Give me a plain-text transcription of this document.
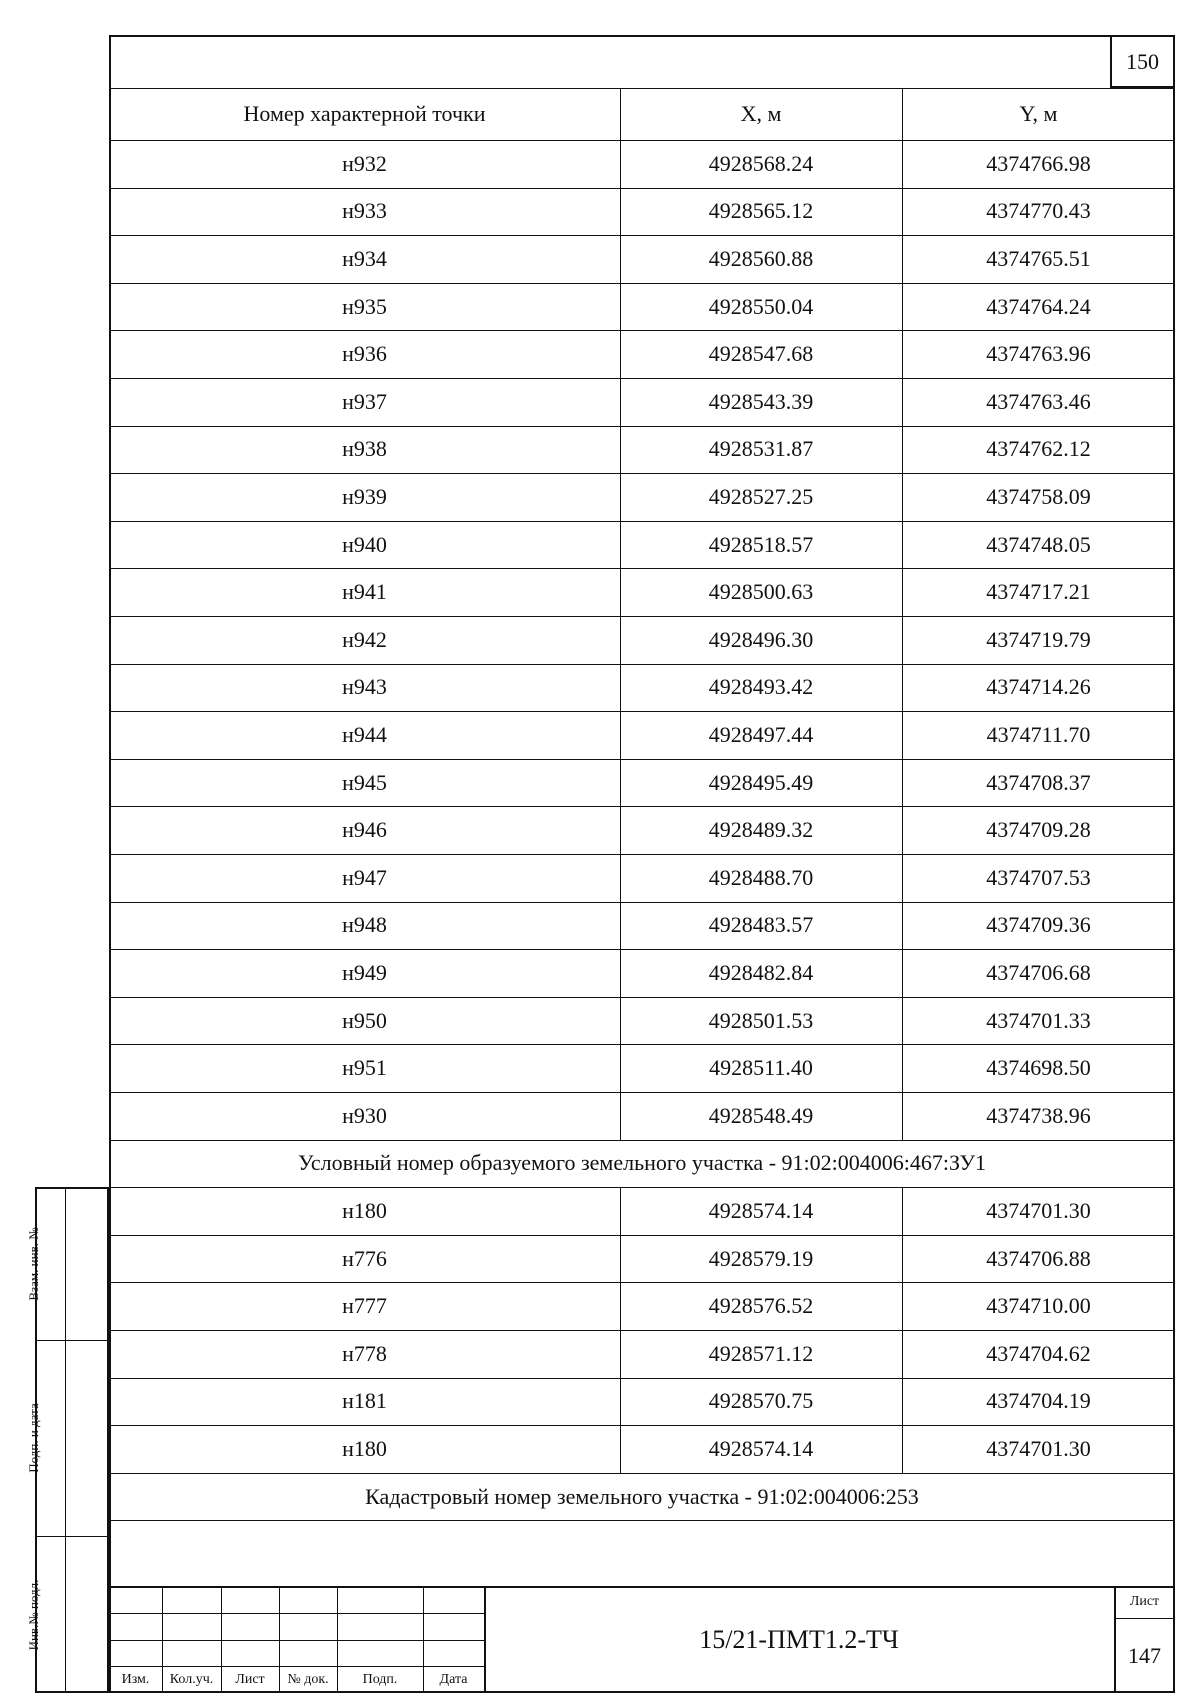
150
Номер характерной точки	X, м	Y, м
н932	4928568.24	4374766.98
н933	4928565.12	4374770.43
н934	4928560.88	4374765.51
н935	4928550.04	4374764.24
н936	4928547.68	4374763.96
н937	4928543.39	4374763.46
н938	4928531.87	4374762.12
н939	4928527.25	4374758.09
н940	4928518.57	4374748.05
н941	4928500.63	4374717.21
н942	4928496.30	4374719.79
н943	4928493.42	4374714.26
н944	4928497.44	4374711.70
н945	4928495.49	4374708.37
н946	4928489.32	4374709.28
н947	4928488.70	4374707.53
н948	4928483.57	4374709.36
н949	4928482.84	4374706.68
н950	4928501.53	4374701.33
н951	4928511.40	4374698.50
н930	4928548.49	4374738.96
Условный номер образуемого земельного участка - 91:02:004006:467:ЗУ1
н180	4928574.14	4374701.30
н776	4928579.19	4374706.88
н777	4928576.52	4374710.00
н778	4928571.12	4374704.62
н181	4928570.75	4374704.19
н180	4928574.14	4374701.30
Кадастровый номер земельного участка - 91:02:004006:253
Взам. инв. №
Подп. и дата
Инв.№ подл.
Изм.	Кол.уч.	Лист	№ док.	Подп.	Дата
15/21-ПМТ1.2-ТЧ
Лист
147
